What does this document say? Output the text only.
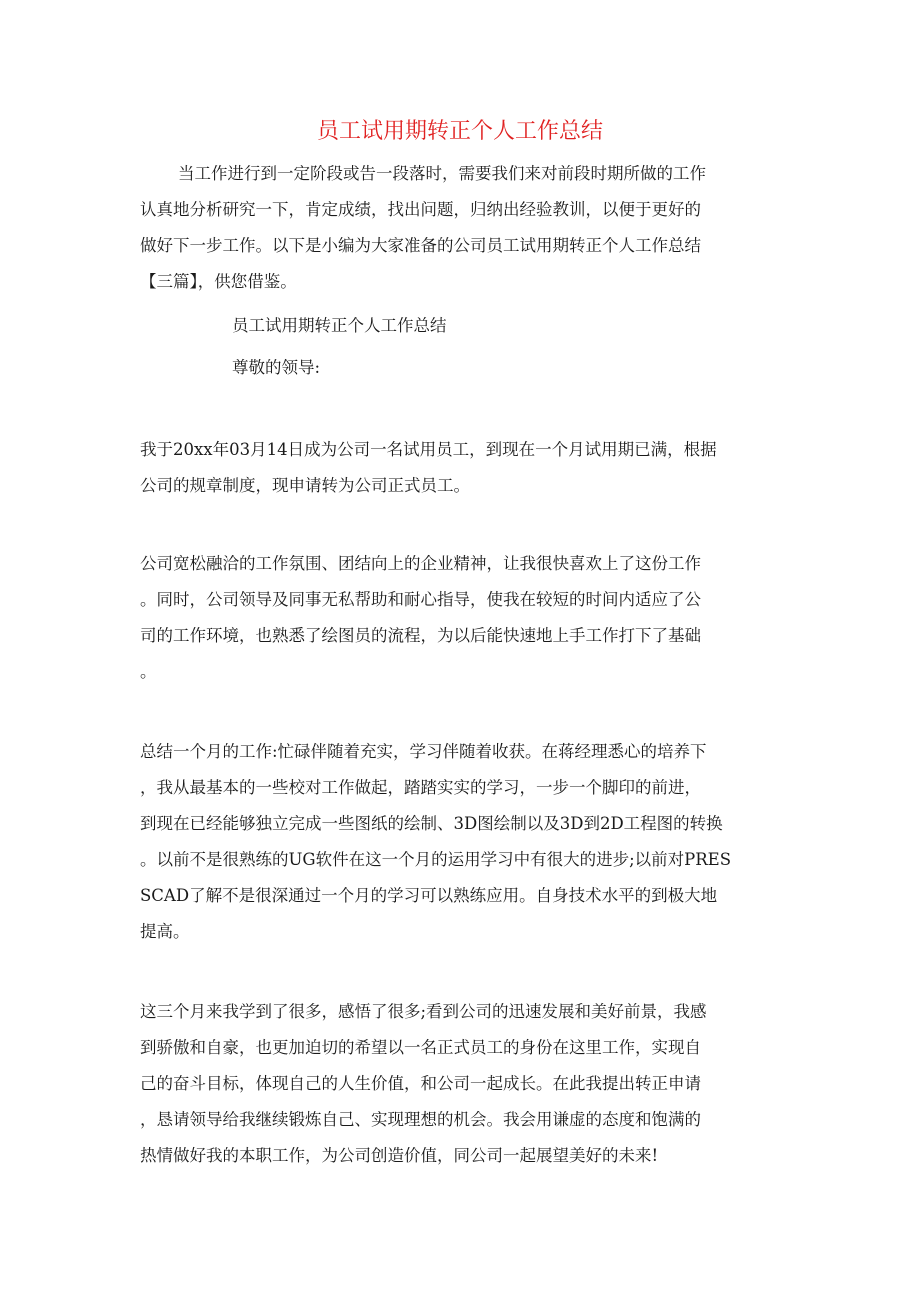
员工试用期转正个人工作总结
当工作进行到一定阶段或告一段落时，需要我们来对前段时期所做的工作
认真地分析研究一下，肯定成绩，找出问题，归纳出经验教训，以便于更好的
做好下一步工作。以下是小编为大家准备的公司员工试用期转正个人工作总结
【三篇】，供您借鉴。
员工试用期转正个人工作总结
尊敬的领导:
我于20xx年03月14日成为公司一名试用员工，到现在一个月试用期已满，根据
公司的规章制度，现申请转为公司正式员工。
公司宽松融洽的工作氛围、团结向上的企业精神，让我很快喜欢上了这份工作
。同时，公司领导及同事无私帮助和耐心指导，使我在较短的时间内适应了公
司的工作环境，也熟悉了绘图员的流程，为以后能快速地上手工作打下了基础
。
总结一个月的工作:忙碌伴随着充实，学习伴随着收获。在蒋经理悉心的培养下
，我从最基本的一些校对工作做起，踏踏实实的学习，一步一个脚印的前进，
到现在已经能够独立完成一些图纸的绘制、3D图绘制以及3D到2D工程图的转换
。以前不是很熟练的UG软件在这一个月的运用学习中有很大的进步;以前对PRES
SCAD了解不是很深通过一个月的学习可以熟练应用。自身技术水平的到极大地
提高。
这三个月来我学到了很多，感悟了很多;看到公司的迅速发展和美好前景，我感
到骄傲和自豪，也更加迫切的希望以一名正式员工的身份在这里工作，实现自
己的奋斗目标，体现自己的人生价值，和公司一起成长。在此我提出转正申请
，恳请领导给我继续锻炼自己、实现理想的机会。我会用谦虚的态度和饱满的
热情做好我的本职工作，为公司创造价值，同公司一起展望美好的未来!
